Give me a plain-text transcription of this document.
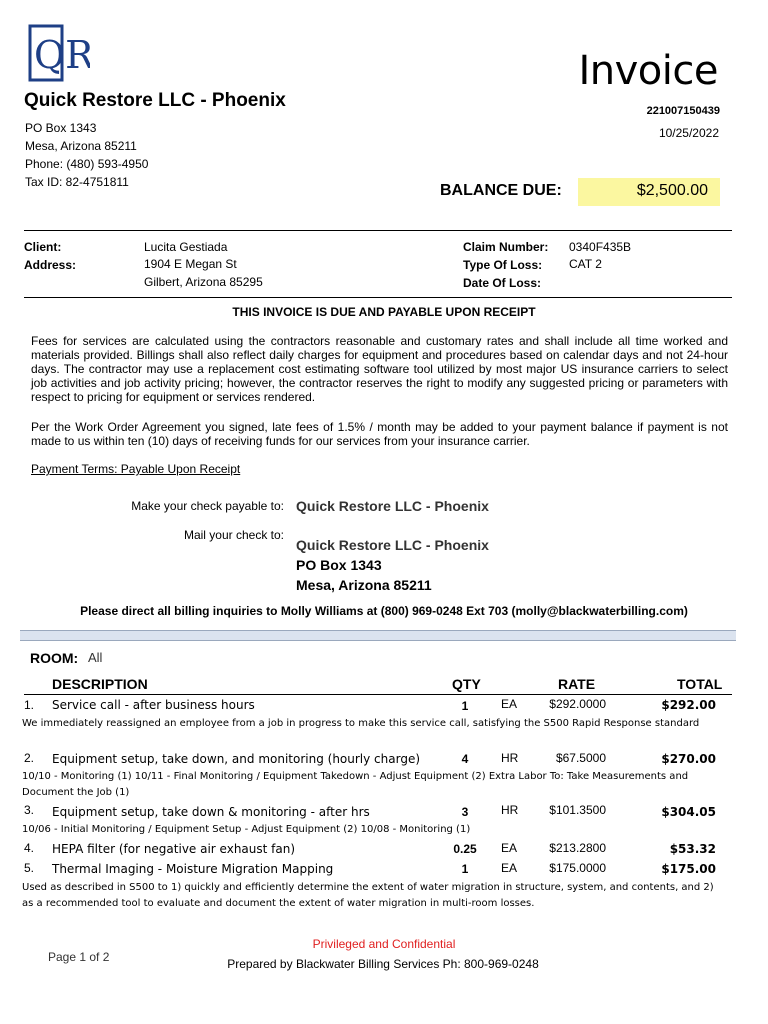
QR
Quick Restore LLC - Phoenix
PO Box 1343
Mesa, Arizona 85211
Phone: (480) 593-4950
Tax ID: 82-4751811
Invoice
221007150439
10/25/2022
BALANCE DUE:	$2,500.00
Client:	Lucita Gestiada
Address:	1904 E Megan St
Gilbert, Arizona 85295
Claim Number: 0340F435B
Type Of Loss: CAT 2
Date Of Loss:
THIS INVOICE IS DUE AND PAYABLE UPON RECEIPT
Fees for services are calculated using the contractors reasonable and customary rates and shall include all time worked and materials provided. Billings shall also reflect daily charges for equipment and procedures based on calendar days and not 24-hour days. The contractor may use a replacement cost estimating software tool utilized by most major US insurance carriers to select job activities and job activity pricing; however, the contractor reserves the right to modify any suggested pricing or parameters with respect to pricing for equipment or services rendered.
Per the Work Order Agreement you signed, late fees of 1.5% / month may be added to your payment balance if payment is not made to us within ten (10) days of receiving funds for our services from your insurance carrier.
Payment Terms: Payable Upon Receipt
Make your check payable to: Quick Restore LLC - Phoenix
Mail your check to:
Quick Restore LLC - Phoenix
PO Box 1343
Mesa, Arizona 85211
Please direct all billing inquiries to Molly Williams at (800) 969-0248 Ext 703 (molly@blackwaterbilling.com)
ROOM: All
DESCRIPTION	QTY	RATE	TOTAL
1. Service call - after business hours	1	EA	$292.0000	$292.00
We immediately reassigned an employee from a job in progress to make this service call, satisfying the S500 Rapid Response standard
2. Equipment setup, take down, and monitoring (hourly charge)	4	HR	$67.5000	$270.00
10/10 - Monitoring (1) 10/11 - Final Monitoring / Equipment Takedown - Adjust Equipment (2) Extra Labor To: Take Measurements and Document the Job (1)
3. Equipment setup, take down & monitoring - after hrs	3	HR	$101.3500	$304.05
10/06 - Initial Monitoring / Equipment Setup - Adjust Equipment (2) 10/08 - Monitoring (1)
4. HEPA filter (for negative air exhaust fan)	0.25 EA	$213.2800	$53.32
5. Thermal Imaging - Moisture Migration Mapping	1	EA	$175.0000	$175.00
Used as described in S500 to 1) quickly and efficiently determine the extent of water migration in structure, system, and contents, and 2) as a recommended tool to evaluate and document the extent of water migration in multi-room losses.
Privileged and Confidential
Page 1 of 2	Prepared by Blackwater Billing Services Ph: 800-969-0248
